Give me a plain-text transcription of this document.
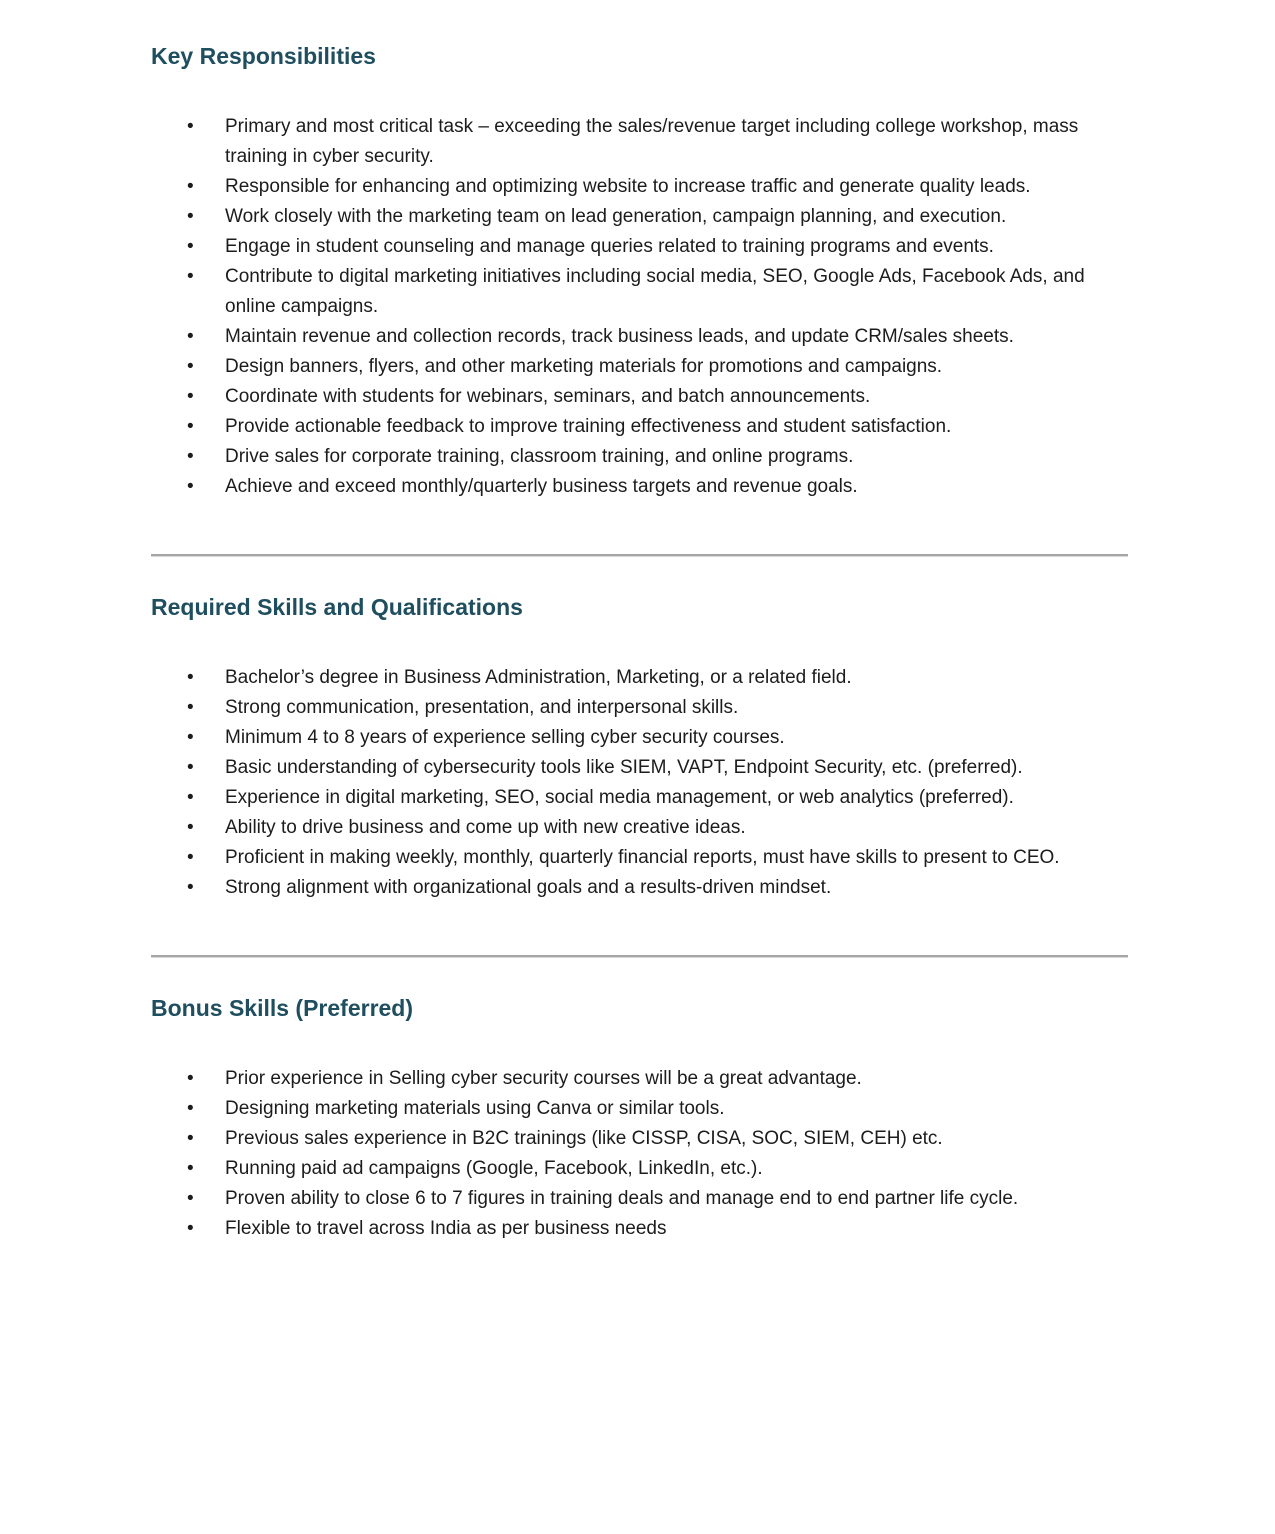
Key Responsibilities
• Primary and most critical task – exceeding the sales/revenue target including college workshop, mass training in cyber security.
• Responsible for enhancing and optimizing website to increase traffic and generate quality leads.
• Work closely with the marketing team on lead generation, campaign planning, and execution.
• Engage in student counseling and manage queries related to training programs and events.
• Contribute to digital marketing initiatives including social media, SEO, Google Ads, Facebook Ads, and online campaigns.
• Maintain revenue and collection records, track business leads, and update CRM/sales sheets.
• Design banners, flyers, and other marketing materials for promotions and campaigns.
• Coordinate with students for webinars, seminars, and batch announcements.
• Provide actionable feedback to improve training effectiveness and student satisfaction.
• Drive sales for corporate training, classroom training, and online programs.
• Achieve and exceed monthly/quarterly business targets and revenue goals.
Required Skills and Qualifications
• Bachelor’s degree in Business Administration, Marketing, or a related field.
• Strong communication, presentation, and interpersonal skills.
• Minimum 4 to 8 years of experience selling cyber security courses.
• Basic understanding of cybersecurity tools like SIEM, VAPT, Endpoint Security, etc. (preferred).
• Experience in digital marketing, SEO, social media management, or web analytics (preferred).
• Ability to drive business and come up with new creative ideas.
• Proficient in making weekly, monthly, quarterly financial reports, must have skills to present to CEO.
• Strong alignment with organizational goals and a results-driven mindset.
Bonus Skills (Preferred)
• Prior experience in Selling cyber security courses will be a great advantage.
• Designing marketing materials using Canva or similar tools.
• Previous sales experience in B2C trainings (like CISSP, CISA, SOC, SIEM, CEH) etc.
• Running paid ad campaigns (Google, Facebook, LinkedIn, etc.).
• Proven ability to close 6 to 7 figures in training deals and manage end to end partner life cycle.
• Flexible to travel across India as per business needs
